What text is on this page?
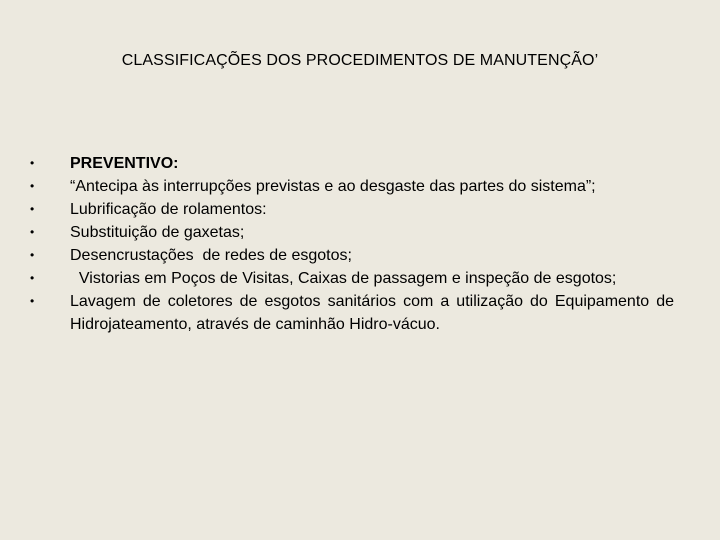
CLASSIFICAÇÕES DOS PROCEDIMENTOS DE MANUTENÇÃO’
• PREVENTIVO:
• “Antecipa às interrupções previstas e ao desgaste das partes do sistema”;
• Lubrificação de rolamentos:
• Substituição de gaxetas;
• Desencrustações  de redes de esgotos;
• Vistorias em Poços de Visitas, Caixas de passagem e inspeção de esgotos;
• Lavagem de coletores de esgotos sanitários com a utilização do Equipamento de Hidrojateamento, através de caminhão Hidro-vácuo.
